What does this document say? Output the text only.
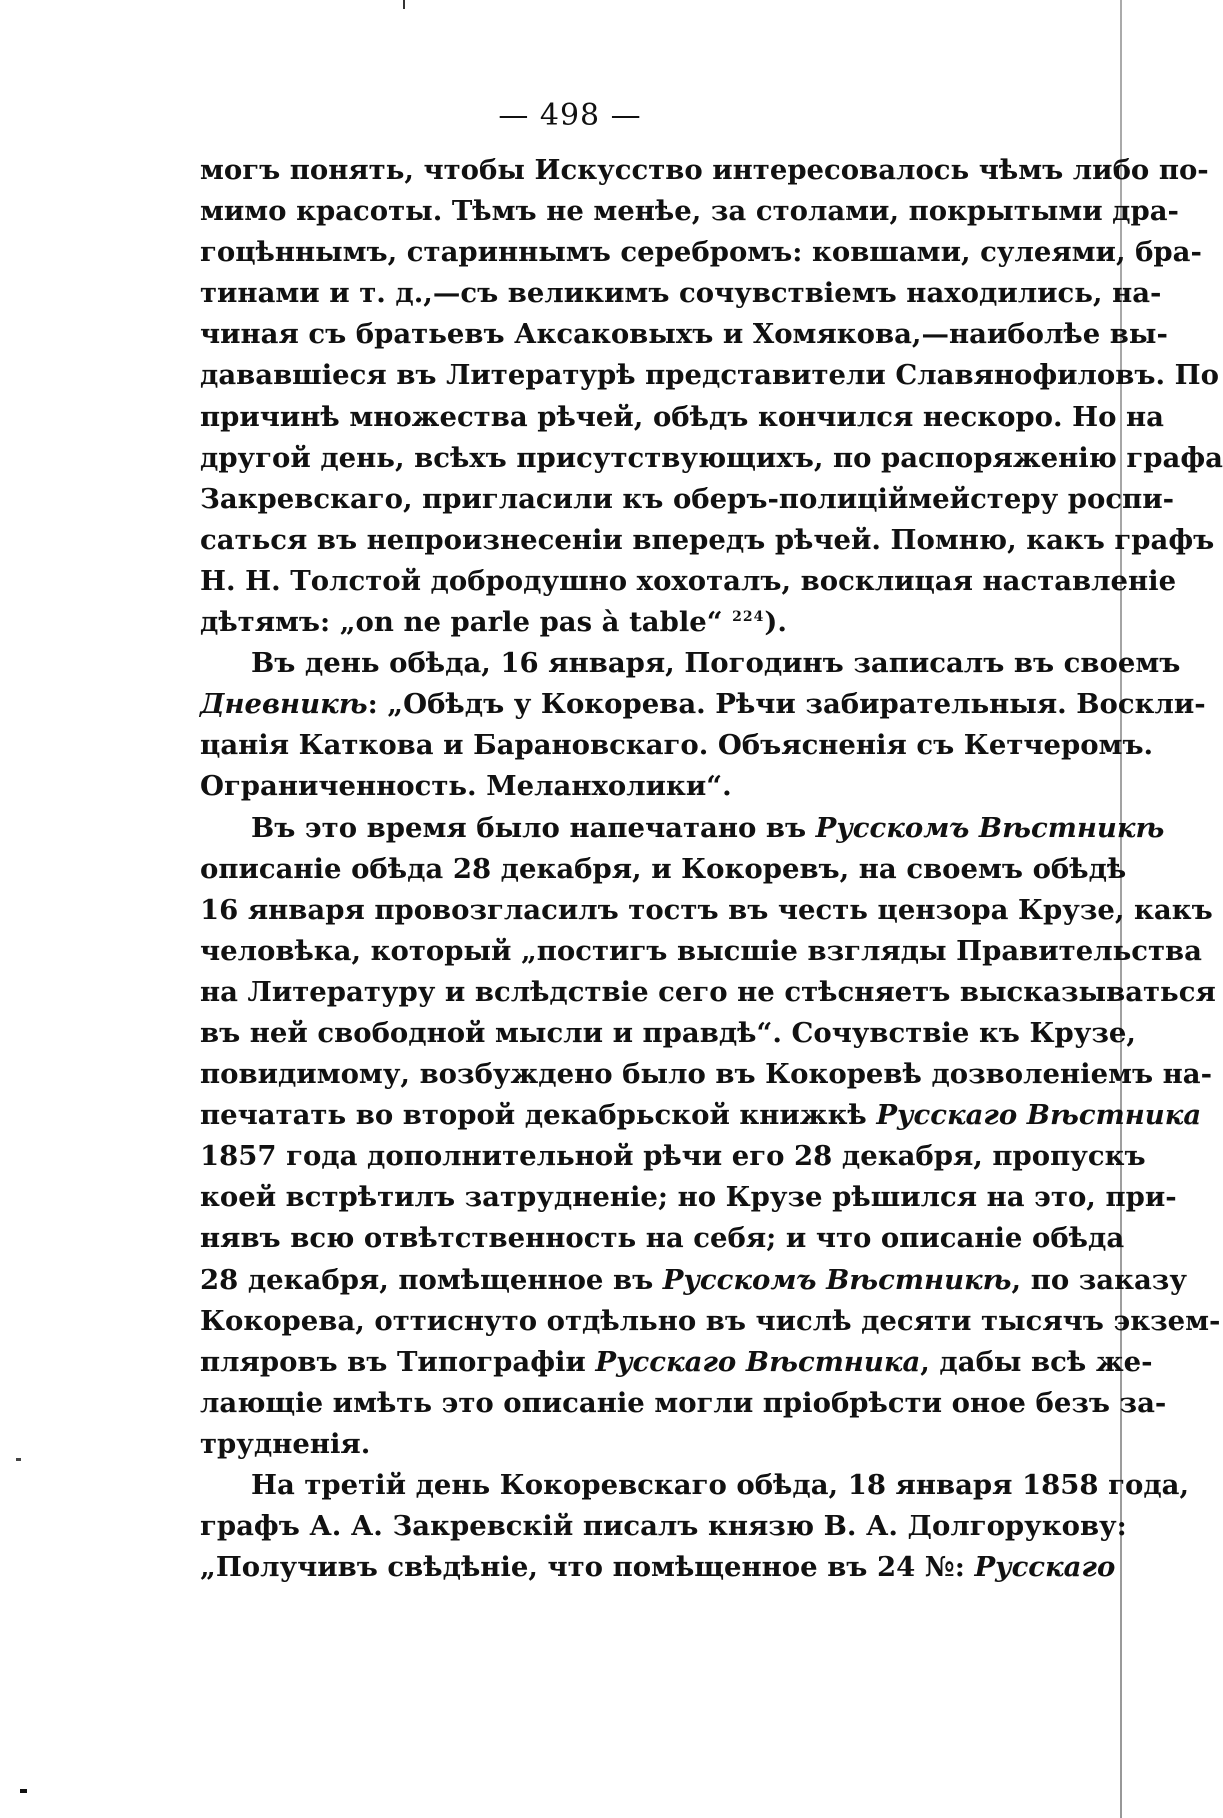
— 498 —
могъ понять, чтобы Искусство интересовалось чѣмъ либо по-
мимо красоты. Тѣмъ не менѣе, за столами, покрытыми дра-
гоцѣннымъ, стариннымъ серебромъ: ковшами, сулеями, бра-
тинами и т. д.,—съ великимъ сочувствіемъ находились, на-
чиная съ братьевъ Аксаковыхъ и Хомякова,—наиболѣе вы-
дававшіеся въ Литературѣ представители Славянофиловъ. По
причинѣ множества рѣчей, обѣдъ кончился нескоро. Но на
другой день, всѣхъ присутствующихъ, по распоряженію графа
Закревскаго, пригласили къ оберъ-полиціймейстеру роспи-
саться въ непроизнесеніи впередъ рѣчей. Помню, какъ графъ
Н. Н. Толстой добродушно хохоталъ, восклицая наставленіе
дѣтямъ: „on ne parle pas à table“ $^{224}$).
Въ день обѣда, 16 января, Погодинъ записалъ въ своемъ
Дневникѣ: „Обѣдъ у Кокорева. Рѣчи забирательныя. Воскли-
цанія Каткова и Барановскаго. Объясненія съ Кетчеромъ.
Ограниченность. Меланхолики“.
Въ это время было напечатано въ Русскомъ Вѣстникѣ
описаніе обѣда 28 декабря, и Кокоревъ, на своемъ обѣдѣ
16 января провозгласилъ тостъ въ честь цензора Крузе, какъ
человѣка, который „постигъ высшіе взгляды Правительства
на Литературу и вслѣдствіе сего не стѣсняетъ высказываться
въ ней свободной мысли и правдѣ“. Сочувствіе къ Крузе,
повидимому, возбуждено было въ Кокоревѣ дозволеніемъ на-
печатать во второй декабрьской книжкѣ Русскаго Вѣстника
1857 года дополнительной рѣчи его 28 декабря, пропускъ
коей встрѣтилъ затрудненіе; но Крузе рѣшился на это, при-
нявъ всю отвѣтственность на себя; и что описаніе обѣда
28 декабря, помѣщенное въ Русскомъ Вѣстникѣ, по заказу
Кокорева, оттиснуто отдѣльно въ числѣ десяти тысячъ экзем-
пляровъ въ Типографіи Русскаго Вѣстника, дабы всѣ же-
лающіе имѣть это описаніе могли пріобрѣсти оное безъ за-
трудненія.
На третій день Кокоревскаго обѣда, 18 января 1858 года,
графъ А. А. Закревскій писалъ князю В. А. Долгорукову:
„Получивъ свѣдѣніе, что помѣщенное въ 24 №: Русскаго
